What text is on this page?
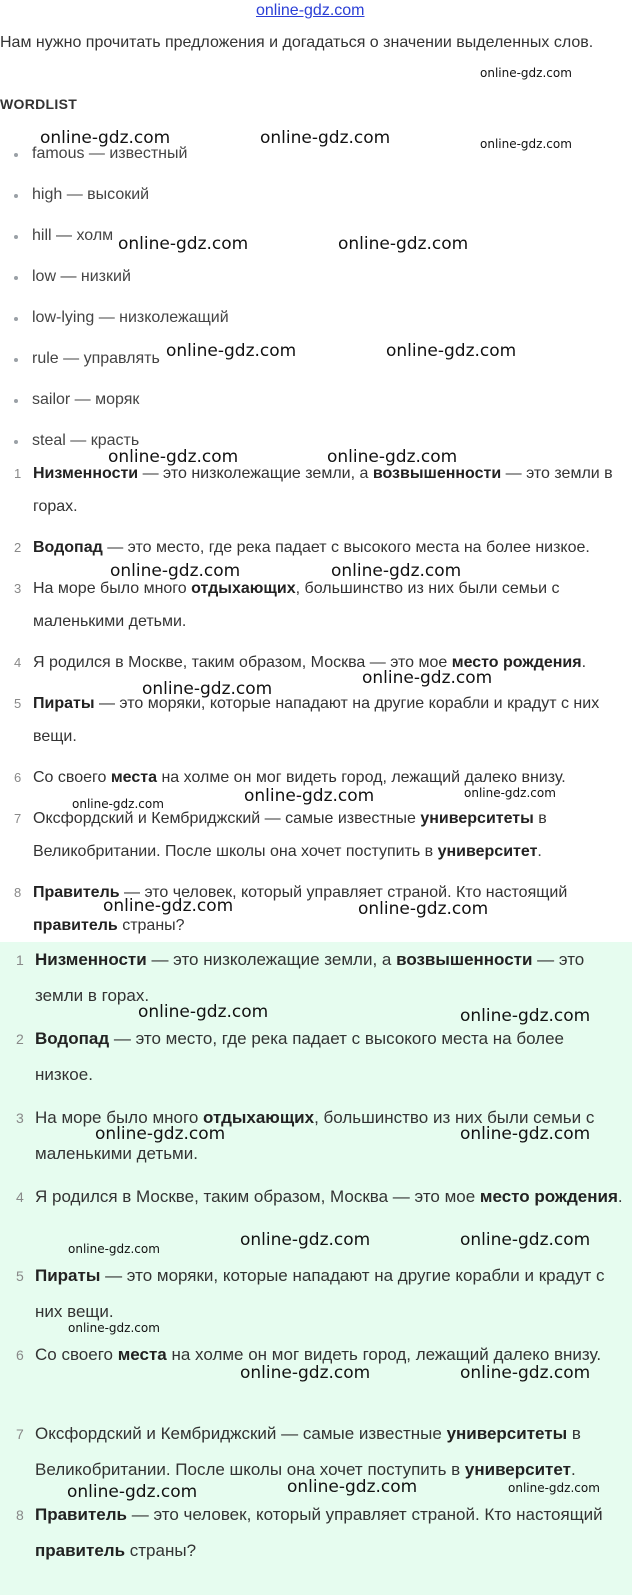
online-gdz.com

Нам нужно прочитать предложения и догадаться о значении выделенных слов.

WORDLIST
famous — известный
high — высокий
hill — холм
low — низкий
low-lying — низколежащий
rule — управлять
sailor — моряк
steal — красть
1 Низменности — это низколежащие земли, а возвышенности — это земли в горах.

2 Водопад — это место, где река падает с высокого места на более низкое.

3 На море было много отдыхающих, большинство из них были семьи с маленькими детьми.

4 Я родился в Москве, таким образом, Москва — это мое место рождения.

5 Пираты — это моряки, которые нападают на другие корабли и крадут с них вещи.

6 Со своего места на холме он мог видеть город, лежащий далеко внизу.

7 Оксфордский и Кембриджский — самые известные университеты в Великобритании. После школы она хочет поступить в университет.

8 Правитель — это человек, который управляет страной. Кто настоящий правитель страны?

1 Низменности — это низколежащие земли, а возвышенности — это земли в горах.

2 Водопад — это место, где река падает с высокого места на более низкое.

3 На море было много отдыхающих, большинство из них были семьи с маленькими детьми.

4 Я родился в Москве, таким образом, Москва — это мое место рождения.

5 Пираты — это моряки, которые нападают на другие корабли и крадут с них вещи.

6 Со своего места на холме он мог видеть город, лежащий далеко внизу.

7 Оксфордский и Кембриджский — самые известные университеты в Великобритании. После школы она хочет поступить в университет.

8 Правитель — это человек, который управляет страной. Кто настоящий правитель страны?

online-gdz.com
online-gdz.com	online-gdz.com	online-gdz.com
online-gdz.com	online-gdz.com
online-gdz.com	online-gdz.com
online-gdz.com	online-gdz.com
online-gdz.com	online-gdz.com
online-gdz.com
online-gdz.com
online-gdz.com
online-gdz.com
online-gdz.com
online-gdz.com	online-gdz.com
online-gdz.com	online-gdz.com
online-gdz.com	online-gdz.com
online-gdz.com	online-gdz.com
online-gdz.com
online-gdz.com
online-gdz.com	online-gdz.com
online-gdz.com
online-gdz.com	online-gdz.com
